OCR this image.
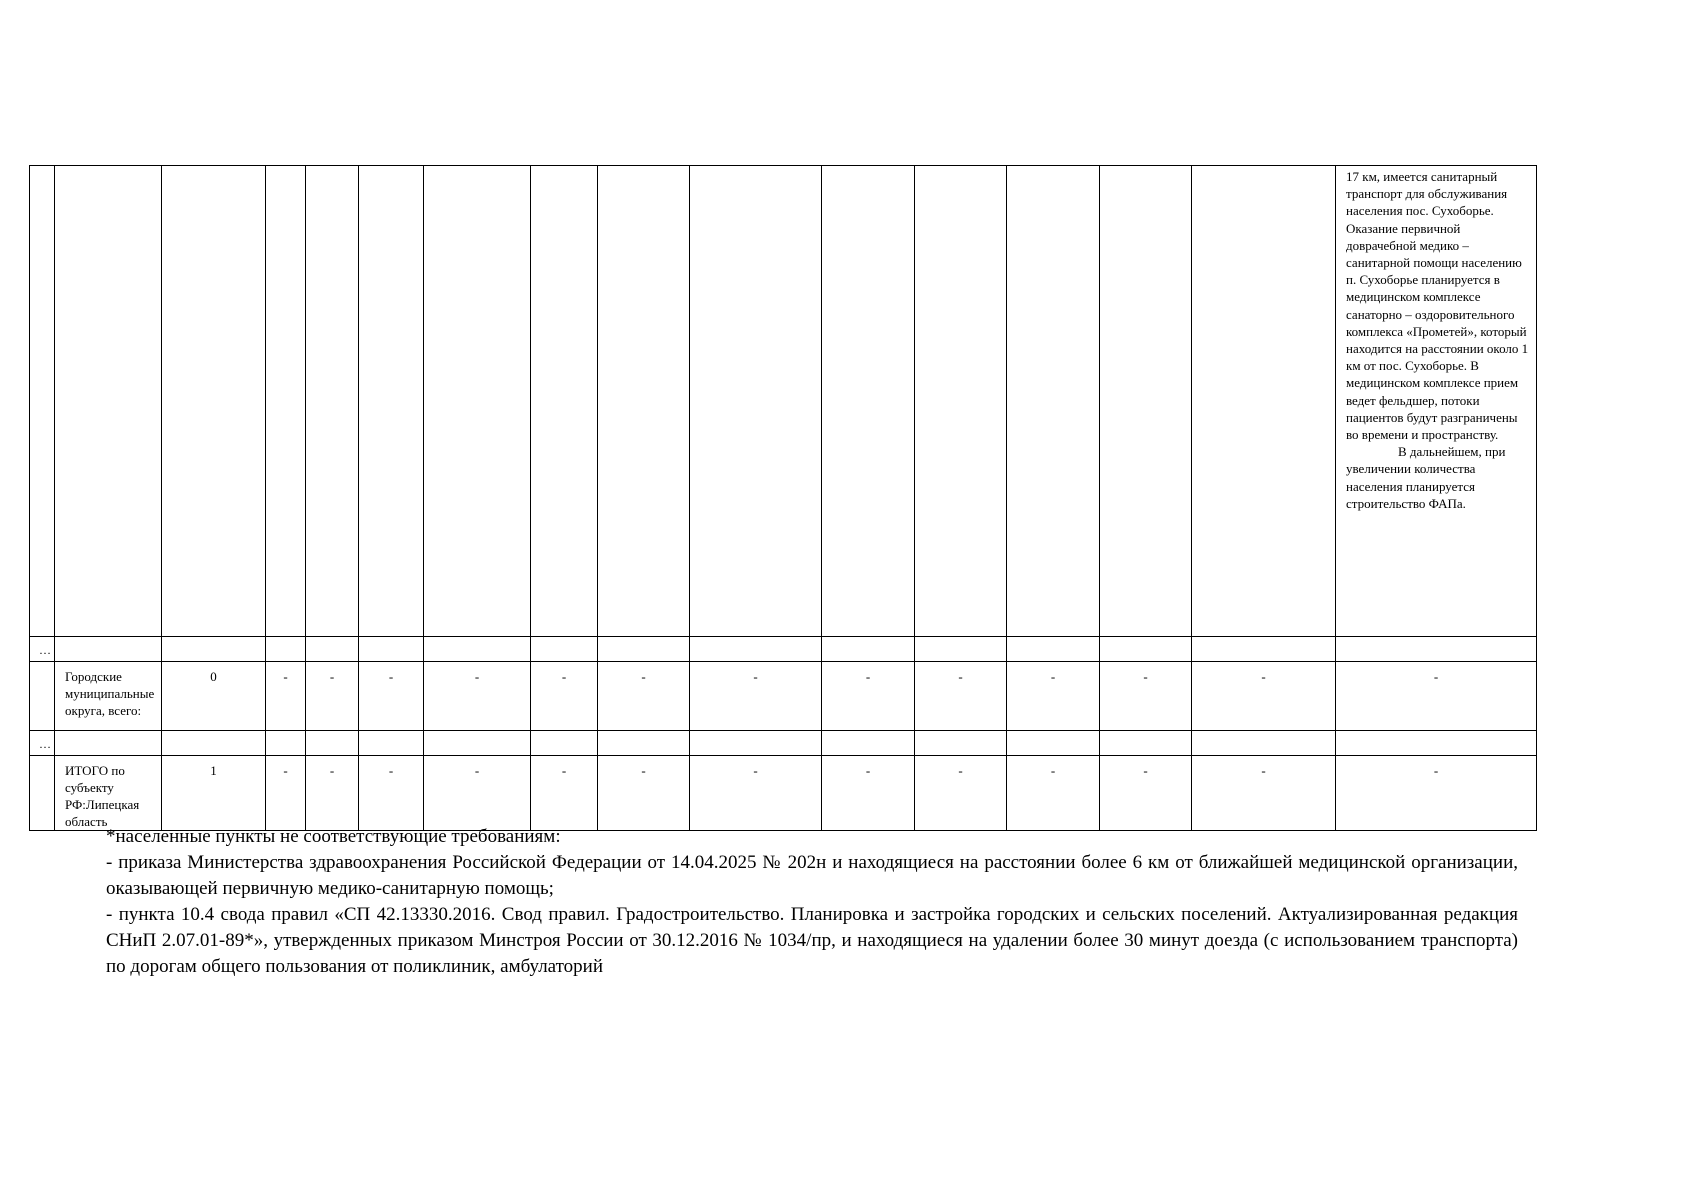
															17 км, имеется санитарный транспорт для обслуживания населения пос. Сухоборье. Оказание первичной доврачебной медико – санитарной помощи населению п. Сухоборье планируется в медицинском комплексе санаторно – оздоровительного комплекса «Прометей», который находится на расстоянии около 1 км от пос. Сухоборье. В медицинском комплексе прием ведет фельдшер, потоки пациентов будут разграничены во времени и пространству.
В дальнейшем, при увеличении количества населения планируется строительство ФАПа.

…															

	Городские муниципальные округа, всего:	0	-	-	-	-	-	-	-	-	-	-	-	-	-

…															

	ИТОГО по субъекту РФ:Липецкая область	1	-	-	-	-	-	-	-	-	-	-	-	-	-

*населенные пункты не соответствующие требованиям:

- приказа Министерства здравоохранения Российской Федерации от 14.04.2025 № 202н и находящиеся на расстоянии более 6 км от ближайшей медицинской организации, оказывающей первичную медико-санитарную помощь;

- пункта 10.4 свода правил «СП 42.13330.2016. Свод правил. Градостроительство. Планировка и застройка городских и сельских поселений. Актуализированная редакция СНиП 2.07.01-89*», утвержденных приказом Минстроя России от 30.12.2016 № 1034/пр, и находящиеся на удалении более 30 минут доезда (с использованием транспорта) по дорогам общего пользования от поликлиник, амбулаторий
